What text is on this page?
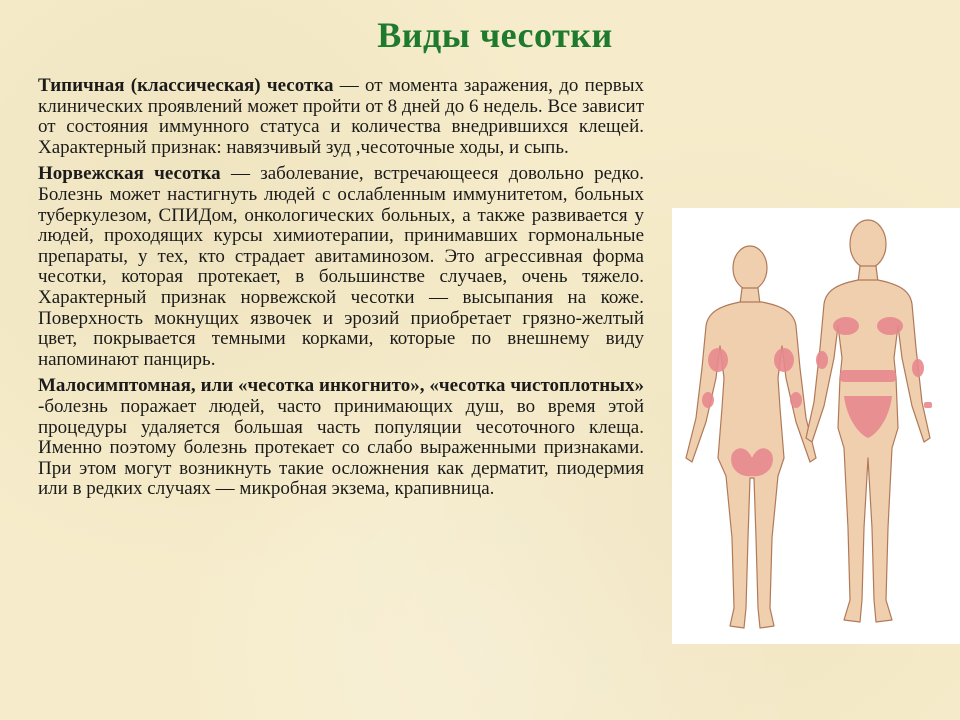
Виды чесотки

Типичная (классическая) чесотка — от момента заражения, до первых клинических проявлений может пройти от 8 дней до 6 недель. Все зависит от состояния иммунного статуса и количества внедрившихся клещей. Характерный признак: навязчивый зуд ,чесоточные ходы, и сыпь.

Норвежская чесотка — заболевание, встречающееся довольно редко. Болезнь может настигнуть людей с ослабленным иммунитетом, больных туберкулезом, СПИДом, онкологических больных, а также развивается у людей, проходящих курсы химиотерапии, принимавших гормональные препараты, у тех, кто страдает авитаминозом. Это агрессивная форма чесотки, которая протекает, в большинстве случаев, очень тяжело. Характерный признак норвежской чесотки — высыпания на коже. Поверхность мокнущих язвочек и эрозий приобретает грязно-желтый цвет, покрывается темными корками, которые по внешнему виду напоминают панцирь.

Малосимптомная, или «чесотка инкогнито», «чесотка чистоплотных» -болезнь поражает людей, часто принимающих душ, во время этой процедуры удаляется большая часть популяции чесоточного клеща. Именно поэтому болезнь протекает со слабо выраженными признаками. При этом могут возникнуть такие осложнения как дерматит, пиодермия или в редких случаях — микробная экзема, крапивница.
